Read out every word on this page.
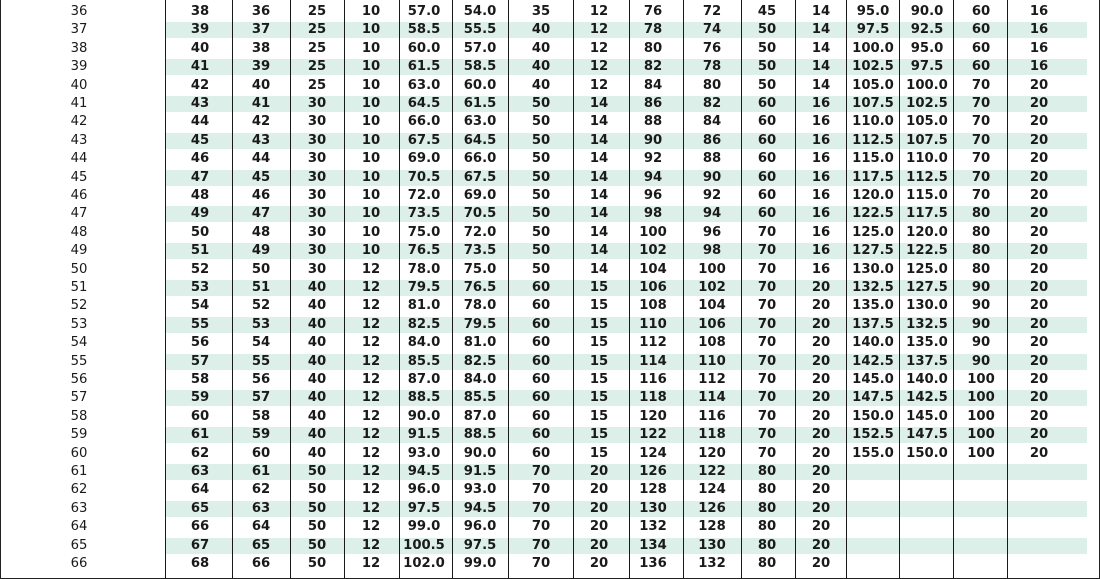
36	38	36	25	10	57.0	54.0	35	12	76	72	45	14	95.0	90.0	60	16
37	39	37	25	10	58.5	55.5	40	12	78	74	50	14	97.5	92.5	60	16
38	40	38	25	10	60.0	57.0	40	12	80	76	50	14	100.0	95.0	60	16
39	41	39	25	10	61.5	58.5	40	12	82	78	50	14	102.5	97.5	60	16
40	42	40	25	10	63.0	60.0	40	12	84	80	50	14	105.0 100.0	70	20
41	43	41	30	10	64.5	61.5	50	14	86	82	60	16	107.5 102.5	70	20
42	44	42	30	10	66.0	63.0	50	14	88	84	60	16	110.0 105.0	70	20
43	45	43	30	10	67.5	64.5	50	14	90	86	60	16	112.5 107.5	70	20
44	46	44	30	10	69.0	66.0	50	14	92	88	60	16	115.0 110.0	70	20
45	47	45	30	10	70.5	67.5	50	14	94	90	60	16	117.5 112.5	70	20
46	48	46	30	10	72.0	69.0	50	14	96	92	60	16	120.0 115.0	70	20
47	49	47	30	10	73.5	70.5	50	14	98	94	60	16	122.5 117.5	80	20
48	50	48	30	10	75.0	72.0	50	14	100	96	70	16	125.0 120.0	80	20
49	51	49	30	10	76.5	73.5	50	14	102	98	70	16	127.5 122.5	80	20
50	52	50	30	12	78.0	75.0	50	14	104	100	70	16	130.0 125.0	80	20
51	53	51	40	12	79.5	76.5	60	15	106	102	70	20	132.5 127.5	90	20
52	54	52	40	12	81.0	78.0	60	15	108	104	70	20	135.0 130.0	90	20
53	55	53	40	12	82.5	79.5	60	15	110	106	70	20	137.5 132.5	90	20
54	56	54	40	12	84.0	81.0	60	15	112	108	70	20	140.0 135.0	90	20
55	57	55	40	12	85.5	82.5	60	15	114	110	70	20	142.5 137.5	90	20
56	58	56	40	12	87.0	84.0	60	15	116	112	70	20	145.0 140.0	100	20
57	59	57	40	12	88.5	85.5	60	15	118	114	70	20	147.5 142.5	100	20
58	60	58	40	12	90.0	87.0	60	15	120	116	70	20	150.0 145.0	100	20
59	61	59	40	12	91.5	88.5	60	15	122	118	70	20	152.5 147.5	100	20
60	62	60	40	12	93.0	90.0	60	15	124	120	70	20	155.0 150.0	100	20
61	63	61	50	12	94.5	91.5	70	20	126	122	80	20
62	64	62	50	12	96.0	93.0	70	20	128	124	80	20
63	65	63	50	12	97.5	94.5	70	20	130	126	80	20
64	66	64	50	12	99.0	96.0	70	20	132	128	80	20
65	67	65	50	12	100.5	97.5	70	20	134	130	80	20
66	68	66	50	12	102.0	99.0	70	20	136	132	80	20
